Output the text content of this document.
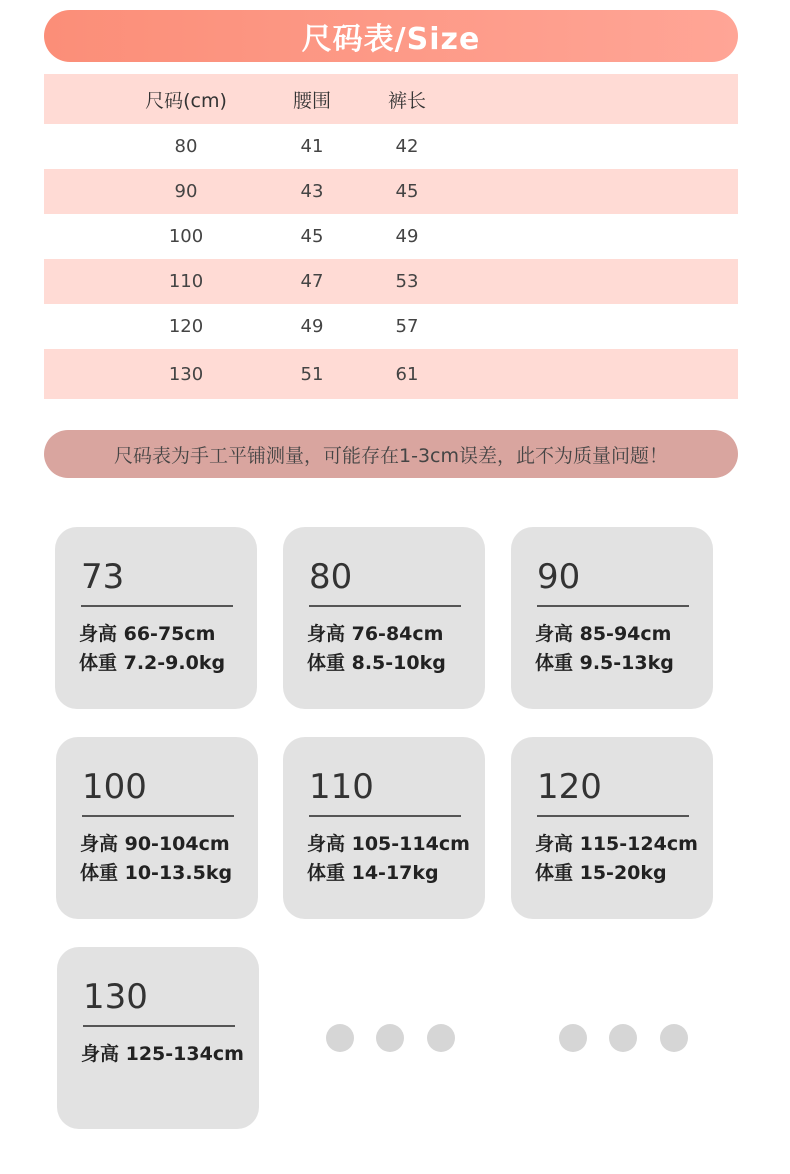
尺码表/Size
尺码(cm)	腰围	裤长
80	41	42
90	43	45
100	45	49
110	47	53
120	49	57
130	51	61
尺码表为手工平铺测量，可能存在1-3cm误差，此不为质量问题！
73
身高 66-75cm
体重 7.2-9.0kg
80
身高 76-84cm
体重 8.5-10kg
90
身高 85-94cm
体重 9.5-13kg
100
身高 90-104cm
体重 10-13.5kg
110
身高 105-114cm
体重 14-17kg
120
身高 115-124cm
体重 15-20kg
130
身高 125-134cm
